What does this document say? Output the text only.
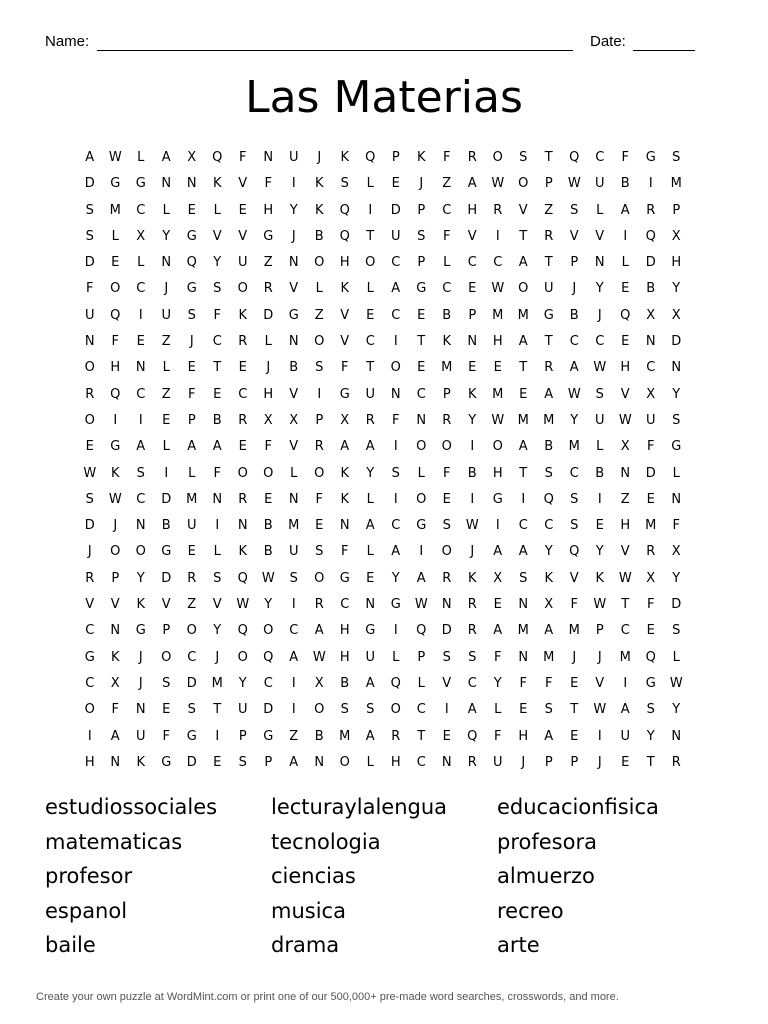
Name:	Date:
Las Materias
A	W	L	A	X	Q	F	N	U	J	K	Q	P	K	F	R	O	S	T	Q	C	F	G	S
D	G	G	N	N	K	V	F	I	K	S	L	E	J	Z	A	W	O	P	W	U	B	I	M
S	M	C	L	E	L	E	H	Y	K	Q	I	D	P	C	H	R	V	Z	S	L	A	R	P
S	L	X	Y	G	V	V	G	J	B	Q	T	U	S	F	V	I	T	R	V	V	I	Q	X
D	E	L	N	Q	Y	U	Z	N	O	H	O	C	P	L	C	C	A	T	P	N	L	D	H
F	O	C	J	G	S	O	R	V	L	K	L	A	G	C	E	W	O	U	J	Y	E	B	Y
U	Q	I	U	S	F	K	D	G	Z	V	E	C	E	B	P	M	M	G	B	J	Q	X	X
N	F	E	Z	J	C	R	L	N	O	V	C	I	T	K	N	H	A	T	C	C	E	N	D
O	H	N	L	E	T	E	J	B	S	F	T	O	E	M	E	E	T	R	A	W	H	C	N
R	Q	C	Z	F	E	C	H	V	I	G	U	N	C	P	K	M	E	A	W	S	V	X	Y
O	I	I	E	P	B	R	X	X	P	X	R	F	N	R	Y	W	M	M	Y	U	W	U	S
E	G	A	L	A	A	E	F	V	R	A	A	I	O	O	I	O	A	B	M	L	X	F	G
W	K	S	I	L	F	O	O	L	O	K	Y	S	L	F	B	H	T	S	C	B	N	D	L
S	W	C	D	M	N	R	E	N	F	K	L	I	O	E	I	G	I	Q	S	I	Z	E	N
D	J	N	B	U	I	N	B	M	E	N	A	C	G	S	W	I	C	C	S	E	H	M	F
J	O	O	G	E	L	K	B	U	S	F	L	A	I	O	J	A	A	Y	Q	Y	V	R	X
R	P	Y	D	R	S	Q	W	S	O	G	E	Y	A	R	K	X	S	K	V	K	W	X	Y
V	V	K	V	Z	V	W	Y	I	R	C	N	G	W	N	R	E	N	X	F	W	T	F	D
C	N	G	P	O	Y	Q	O	C	A	H	G	I	Q	D	R	A	M	A	M	P	C	E	S
G	K	J	O	C	J	O	Q	A	W	H	U	L	P	S	S	F	N	M	J	J	M	Q	L
C	X	J	S	D	M	Y	C	I	X	B	A	Q	L	V	C	Y	F	F	E	V	I	G	W
O	F	N	E	S	T	U	D	I	O	S	S	O	C	I	A	L	E	S	T	W	A	S	Y
I	A	U	F	G	I	P	G	Z	B	M	A	R	T	E	Q	F	H	A	E	I	U	Y	N
H	N	K	G	D	E	S	P	A	N	O	L	H	C	N	R	U	J	P	P	J	E	T	R
estudiossociales	lecturaylalengua	educacionfisica
matematicas	tecnologia	profesora
profesor	ciencias	almuerzo
espanol	musica	recreo
baile	drama	arte
Create your own puzzle at WordMint.com or print one of our 500,000+ pre-made word searches, crosswords, and more.
